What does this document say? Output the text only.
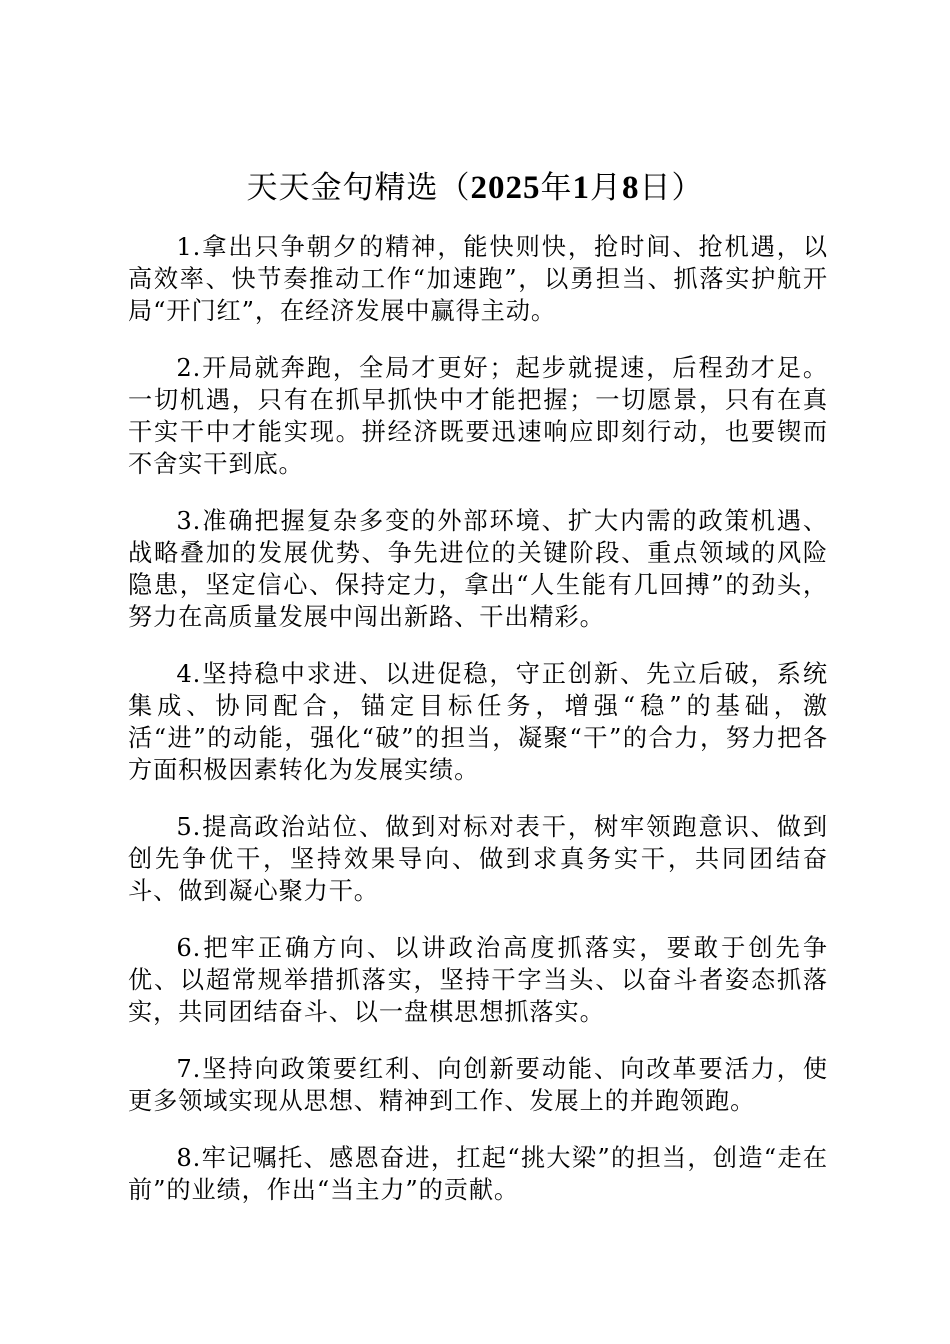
天天金句精选（2025年1月8日）

1.拿出只争朝夕的精神，能快则快，抢时间、抢机遇，以高效率、快节奏推动工作“加速跑”，以勇担当、抓落实护航开局“开门红”，在经济发展中赢得主动。

2.开局就奔跑，全局才更好；起步就提速，后程劲才足。一切机遇，只有在抓早抓快中才能把握；一切愿景，只有在真干实干中才能实现。拼经济既要迅速响应即刻行动，也要锲而不舍实干到底。

3.准确把握复杂多变的外部环境、扩大内需的政策机遇、战略叠加的发展优势、争先进位的关键阶段、重点领域的风险隐患，坚定信心、保持定力，拿出“人生能有几回搏”的劲头，努力在高质量发展中闯出新路、干出精彩。

4.坚持稳中求进、以进促稳，守正创新、先立后破，系统集成、协同配合，锚定目标任务，增强“稳”的基础，激活“进”的动能，强化“破”的担当，凝聚“干”的合力，努力把各方面积极因素转化为发展实绩。

5.提高政治站位、做到对标对表干，树牢领跑意识、做到创先争优干，坚持效果导向、做到求真务实干，共同团结奋斗、做到凝心聚力干。

6.把牢正确方向、以讲政治高度抓落实，要敢于创先争优、以超常规举措抓落实，坚持干字当头、以奋斗者姿态抓落实，共同团结奋斗、以一盘棋思想抓落实。

7.坚持向政策要红利、向创新要动能、向改革要活力，使更多领域实现从思想、精神到工作、发展上的并跑领跑。

8.牢记嘱托、感恩奋进，扛起“挑大梁”的担当，创造“走在前”的业绩，作出“当主力”的贡献。
